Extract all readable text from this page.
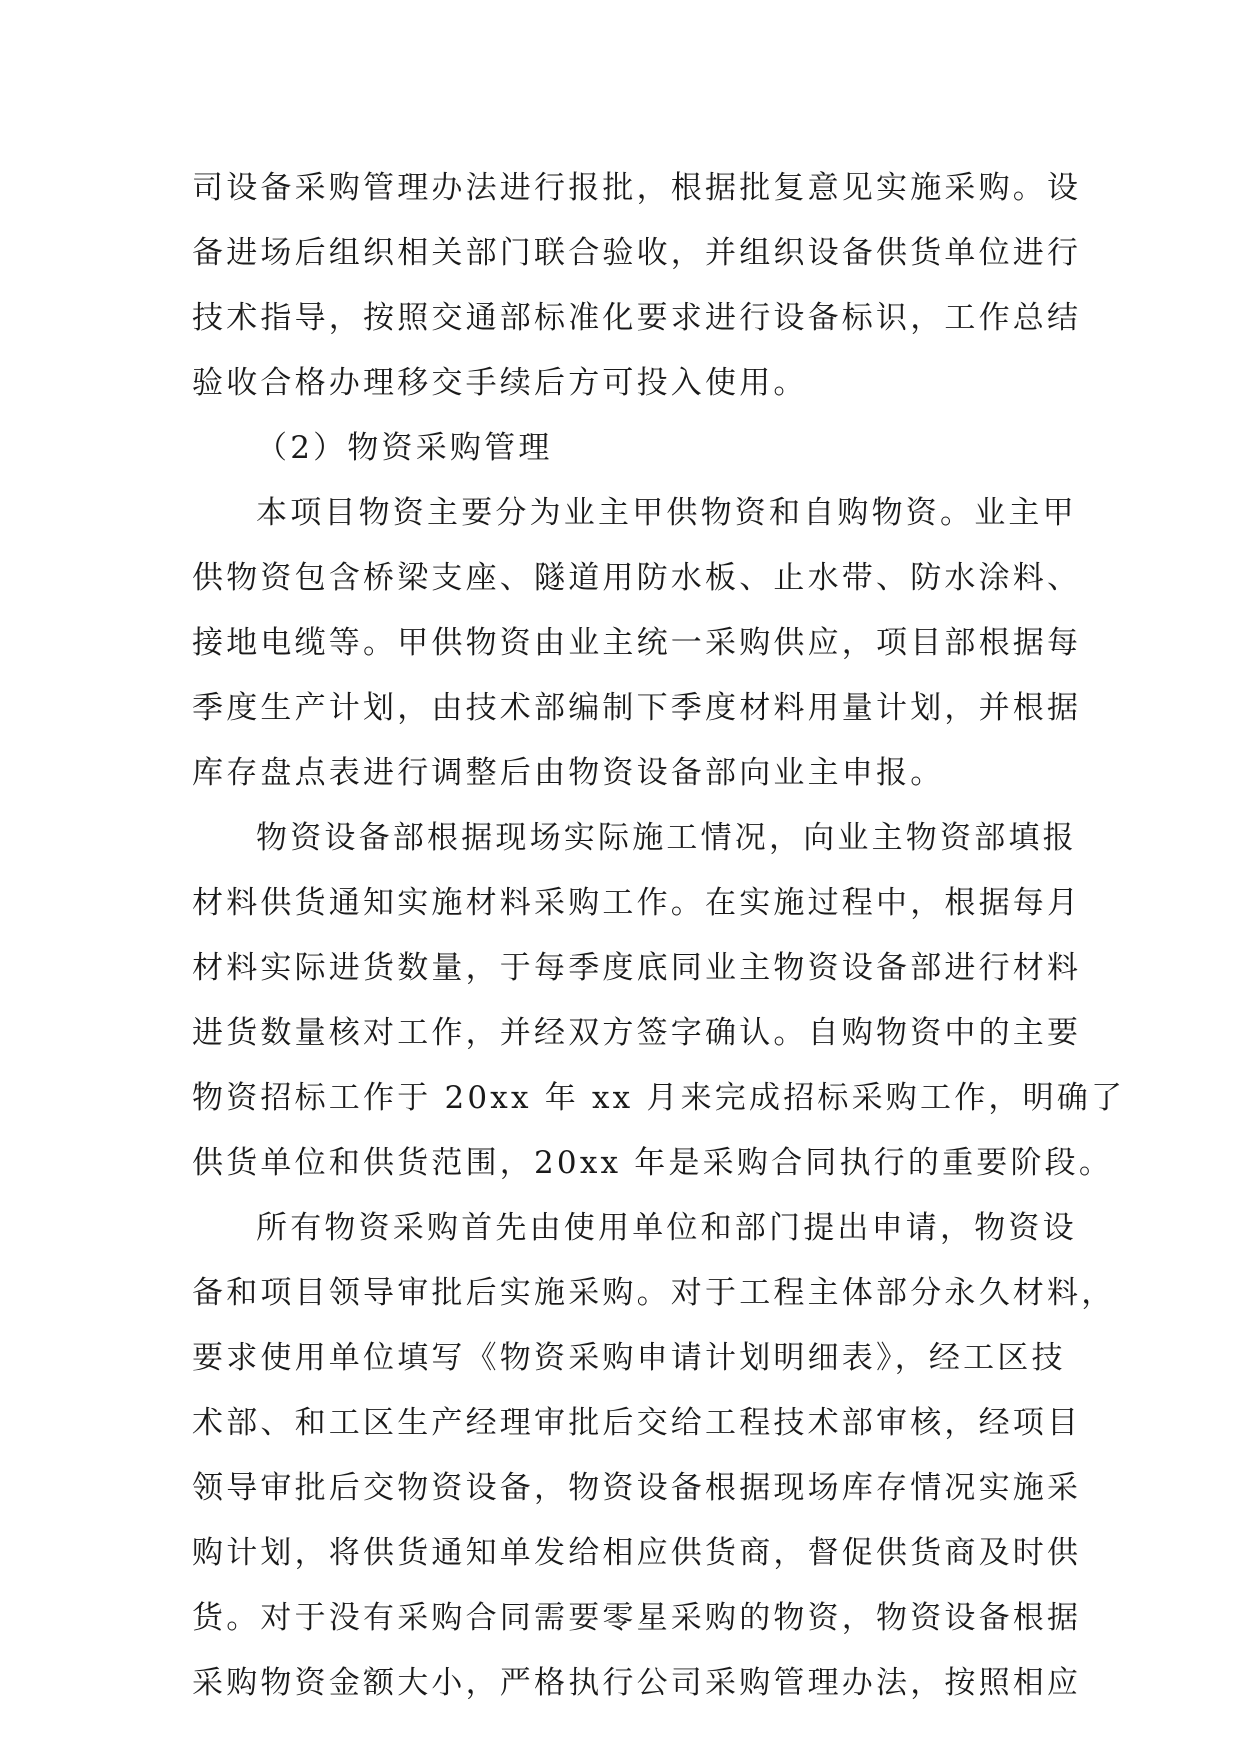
司设备采购管理办法进行报批，根据批复意见实施采购。设
备进场后组织相关部门联合验收，并组织设备供货单位进行
技术指导，按照交通部标准化要求进行设备标识，工作总结
验收合格办理移交手续后方可投入使用。
（2）物资采购管理
本项目物资主要分为业主甲供物资和自购物资。业主甲
供物资包含桥梁支座、隧道用防水板、止水带、防水涂料、
接地电缆等。甲供物资由业主统一采购供应，项目部根据每
季度生产计划，由技术部编制下季度材料用量计划，并根据
库存盘点表进行调整后由物资设备部向业主申报。
物资设备部根据现场实际施工情况，向业主物资部填报
材料供货通知实施材料采购工作。在实施过程中，根据每月
材料实际进货数量，于每季度底同业主物资设备部进行材料
进货数量核对工作，并经双方签字确认。自购物资中的主要
物资招标工作于 20xx 年 xx 月来完成招标采购工作，明确了
供货单位和供货范围，20xx 年是采购合同执行的重要阶段。
所有物资采购首先由使用单位和部门提出申请，物资设
备和项目领导审批后实施采购。对于工程主体部分永久材料，
要求使用单位填写《物资采购申请计划明细表》，经工区技
术部、和工区生产经理审批后交给工程技术部审核，经项目
领导审批后交物资设备，物资设备根据现场库存情况实施采
购计划，将供货通知单发给相应供货商，督促供货商及时供
货。对于没有采购合同需要零星采购的物资，物资设备根据
采购物资金额大小，严格执行公司采购管理办法，按照相应
